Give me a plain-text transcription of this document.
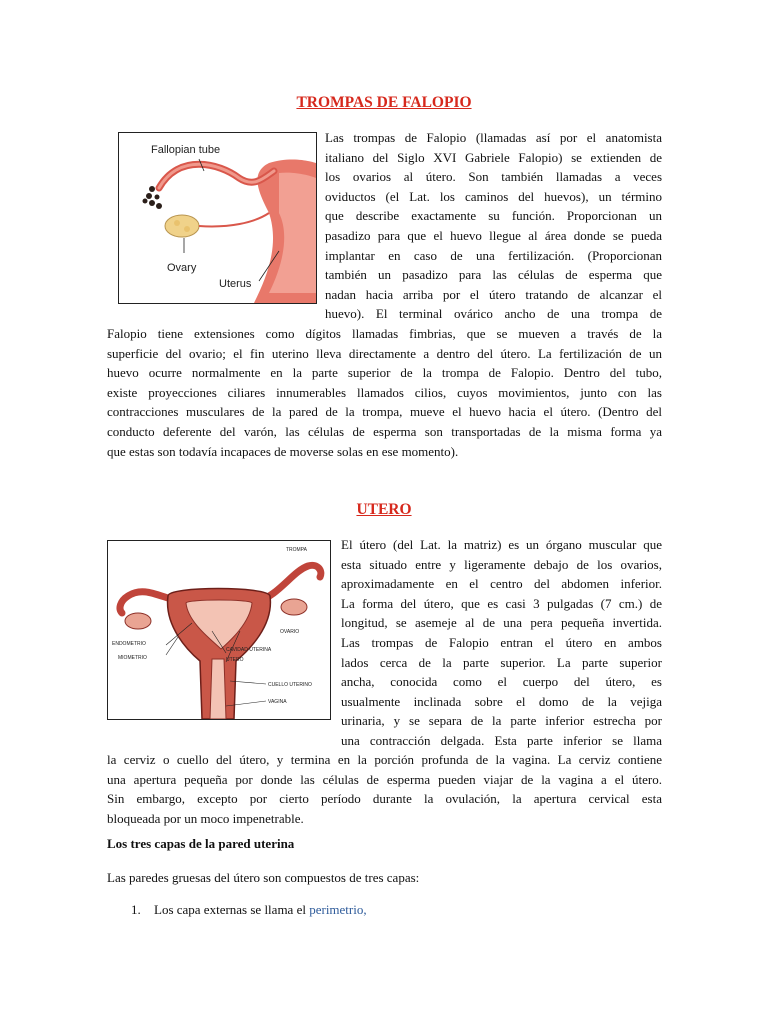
TROMPAS DE FALOPIO
Fallopian tube
Ovary
Uterus
Las trompas de Falopio (llamadas así por el anatomista
italiano del Siglo XVI Gabriele Falopio) se extienden de
los ovarios al útero. Son también llamadas a veces
oviductos (el Lat. los caminos del huevos), un término
que describe exactamente su función. Proporcionan un
pasadizo para que el huevo llegue al área donde se pueda
implantar en caso de una fertilización. (Proporcionan
también un pasadizo para las células de esperma que
nadan hacia arriba por el útero tratando de alcanzar el
huevo). El terminal ovárico ancho de una trompa de
Falopio tiene extensiones como dígitos llamadas fimbrias, que se mueven a través de la
superficie del ovario; el fin uterino lleva directamente a dentro del útero. La fertilización de un
huevo ocurre normalmente en la parte superior de la trompa de Falopio. Dentro del tubo,
existe proyecciones ciliares innumerables llamados cilios, cuyos movimientos, junto con las
contracciones musculares de la pared de la trompa, mueve el huevo hacia el útero. (Dentro del
conducto deferente del varón, las células de esperma son transportadas de la misma forma ya
que estas son todavía incapaces de moverse solas en ese momento).
UTERO
TROMPA
OVARIO
CAVIDAD UTERINA
UTERO
ENDOMETRIO
MIOMETRIO
CUELLO UTERINO
VAGINA
El útero (del Lat. la matriz) es un órgano muscular que
esta situado entre y ligeramente debajo de los ovarios,
aproximadamente en el centro del abdomen inferior.
La forma del útero, que es casi 3 pulgadas (7 cm.) de
longitud, se asemeje al de una pera pequeña invertida.
Las trompas de Falopio entran el útero en ambos
lados cerca de la parte superior. La parte superior
ancha, conocida como el cuerpo del útero, es
usualmente inclinada sobre el domo de la vejiga
urinaria, y se separa de la parte inferior estrecha por
una contracción delgada. Esta parte inferior se llama
la cerviz o cuello del útero, y termina en la porción profunda de la vagina. La cerviz contiene
una apertura pequeña por donde las células de esperma pueden viajar de la vagina a el útero.
Sin embargo, excepto por cierto período durante la ovulación, la apertura cervical esta
bloqueada por un moco impenetrable.
Los tres capas de la pared uterina
Las paredes gruesas del útero son compuestos de tres capas:
1. Los capa externas se llama el perimetrio,
